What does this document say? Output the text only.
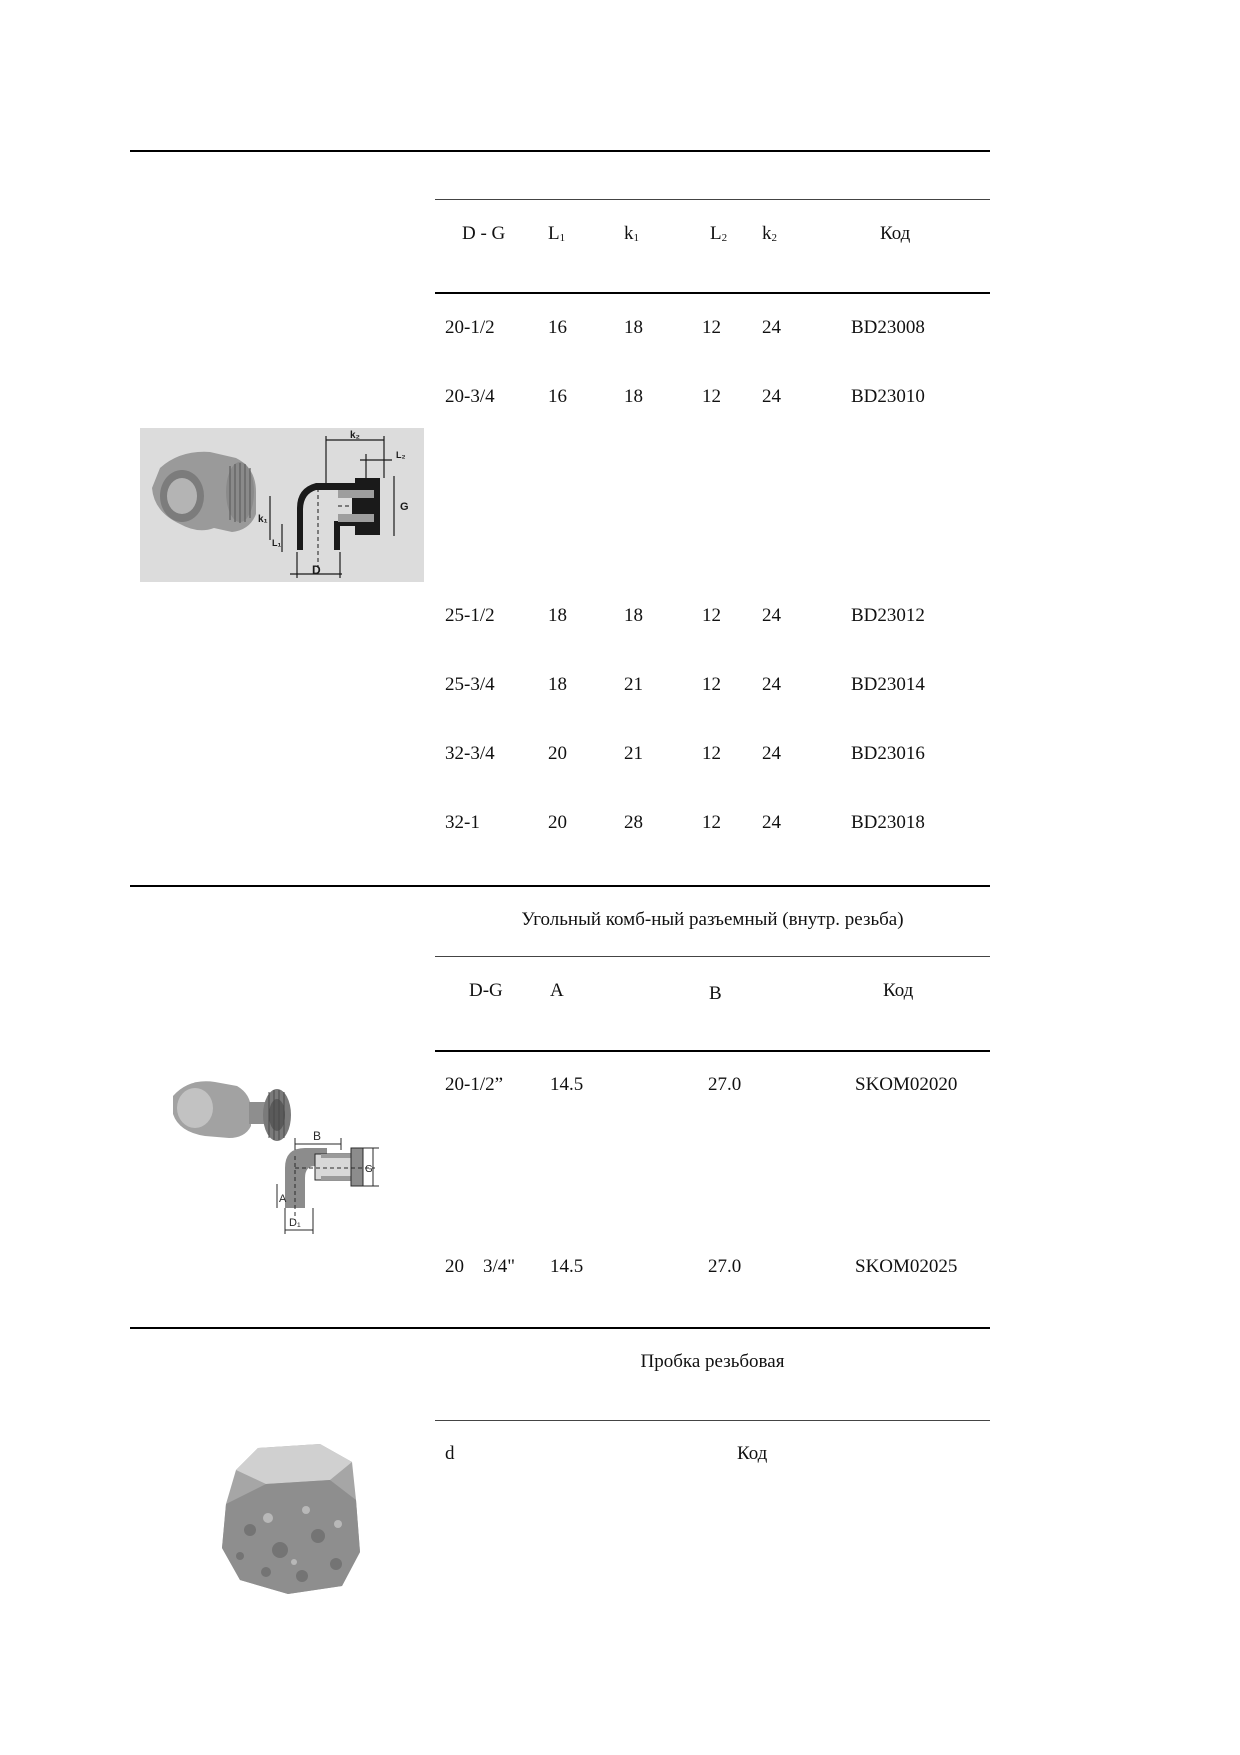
D - G $L_1$	$k_1$	$L_2$ $k_2$	Код
20-1/2	16	18	12 24	BD23008
20-3/4	16	18	12 24	BD23010
25-1/2	18	18	12 24	BD23012
25-3/4	18	21	12 24	BD23014
32-3/4	20	21	12 24	BD23016
32-1	20	28	12 24	BD23018
k₂
L₂
G
k₁
L₁
D
Угольный комб-ный разъемный (внутр. резьба)
D-G A	B	Код
20-1/2” 14.5	27.0	SKOM02020
20    3/4" 14.5	27.0	SKOM02025
B
G
A
D₁
Пробка резьбовая
d	Код
